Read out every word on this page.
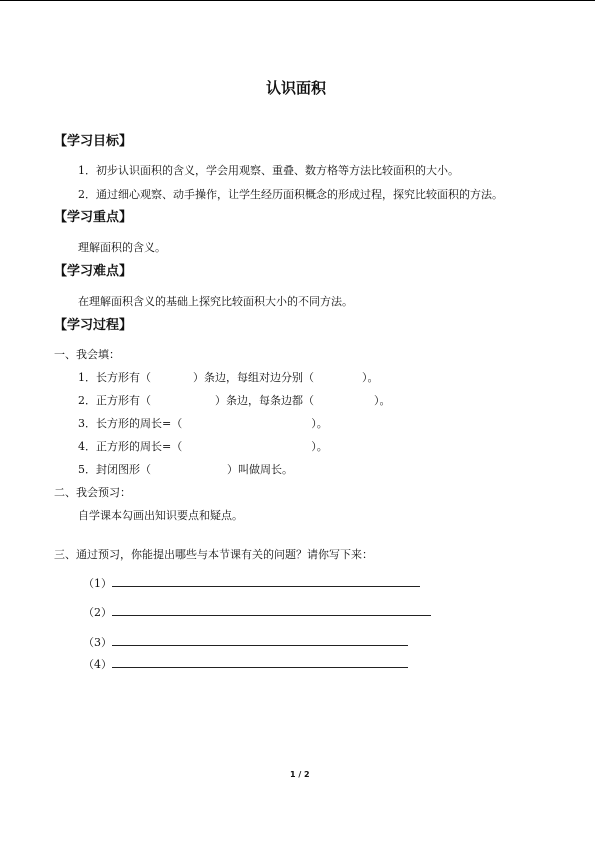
认识面积
【学习目标】
1．初步认识面积的含义，学会用观察、重叠、数方格等方法比较面积的大小。
2．通过细心观察、动手操作，让学生经历面积概念的形成过程，探究比较面积的方法。
【学习重点】
理解面积的含义。
【学习难点】
在理解面积含义的基础上探究比较面积大小的不同方法。
【学习过程】
一、我会填：
1．长方形有（	）条边，每组对边分别（	）。
2．正方形有（	）条边，每条边都（	）。
3．长方形的周长=（	）。
4．正方形的周长=（	）。
5．封闭图形（	）叫做周长。
二、我会预习：
自学课本勾画出知识要点和疑点。
三、通过预习，你能提出哪些与本节课有关的问题？请你写下来：
（1）
（2）
（3）
（4）
1 / 2
